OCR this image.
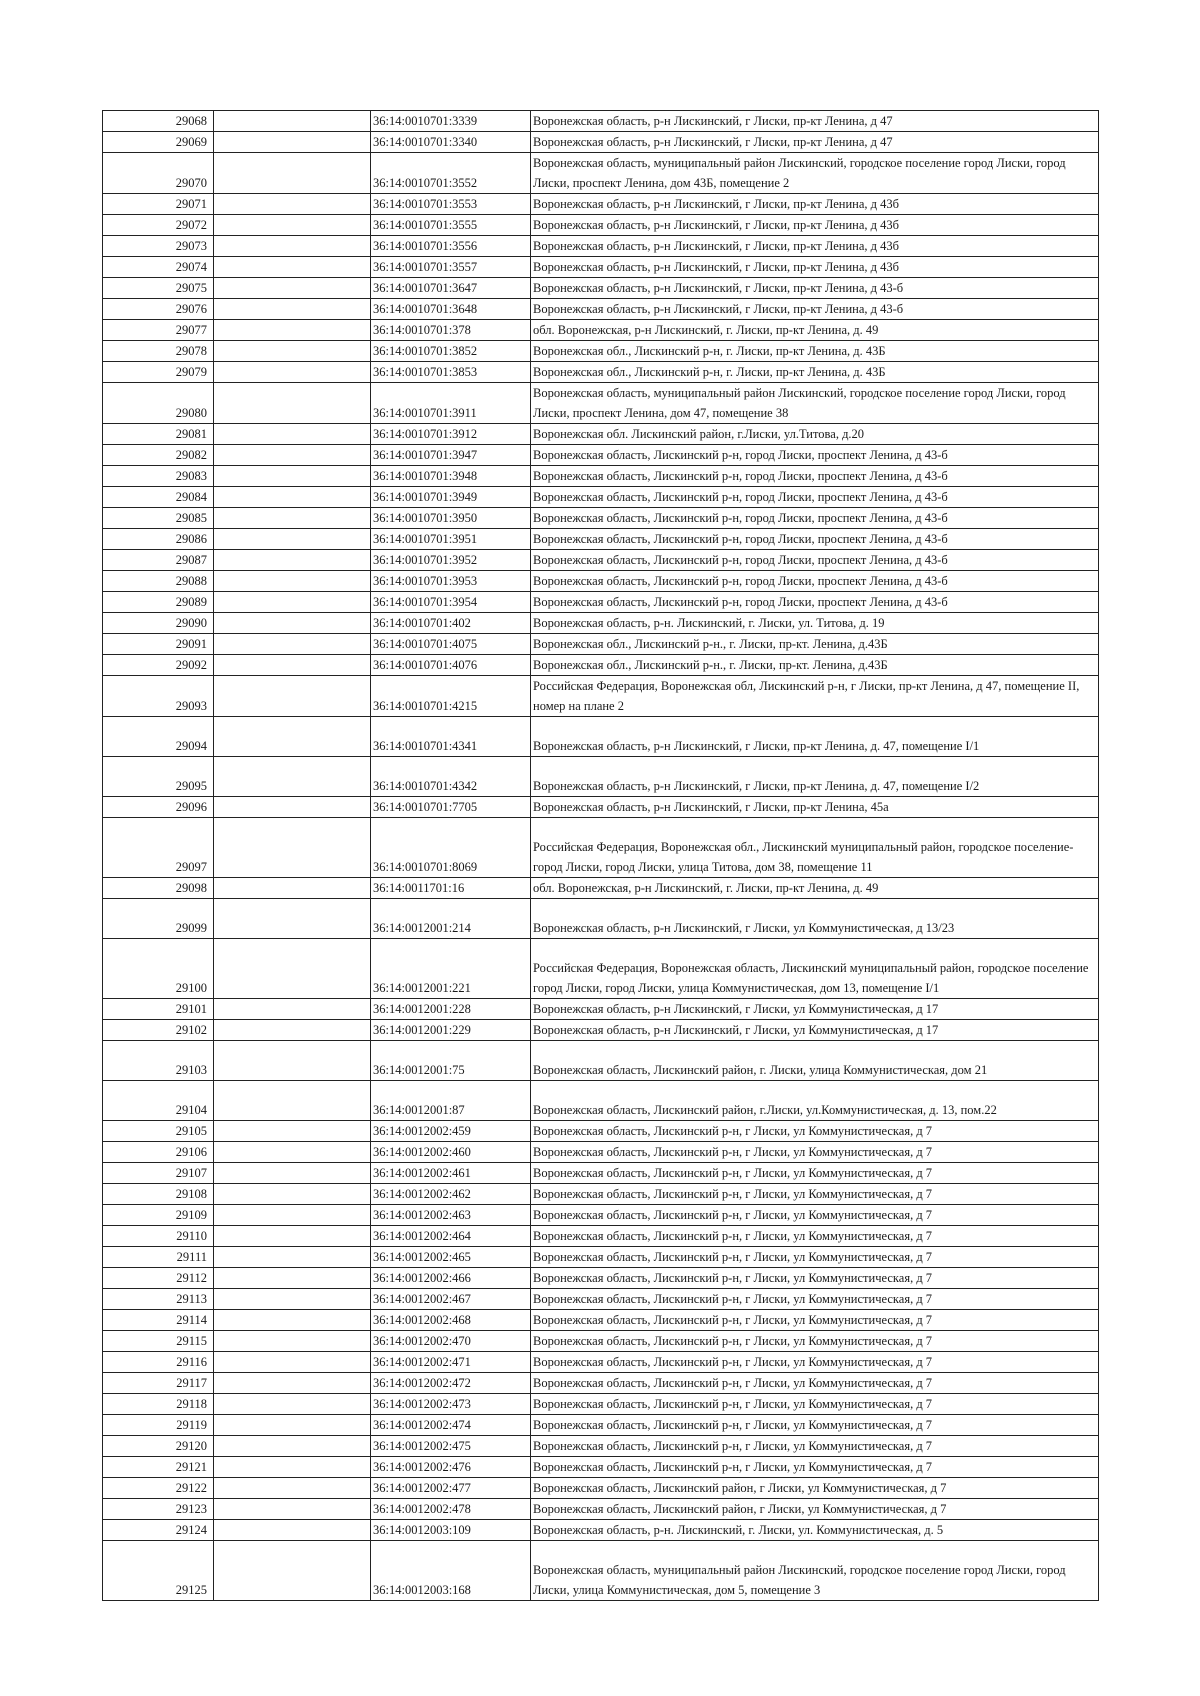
29068		36:14:0010701:3339	Воронежская область, р-н Лискинский, г Лиски, пр-кт Ленина, д 47
29069		36:14:0010701:3340	Воронежская область, р-н Лискинский, г Лиски, пр-кт Ленина, д 47
29070		36:14:0010701:3552	Воронежская область, муниципальный район Лискинский, городское поселение город Лиски, город Лиски, проспект Ленина, дом 43Б, помещение 2
29071		36:14:0010701:3553	Воронежская область, р-н Лискинский, г Лиски, пр-кт Ленина, д 43б
29072		36:14:0010701:3555	Воронежская область, р-н Лискинский, г Лиски, пр-кт Ленина, д 43б
29073		36:14:0010701:3556	Воронежская область, р-н Лискинский, г Лиски, пр-кт Ленина, д 43б
29074		36:14:0010701:3557	Воронежская область, р-н Лискинский, г Лиски, пр-кт Ленина, д 43б
29075		36:14:0010701:3647	Воронежская область, р-н Лискинский, г Лиски, пр-кт Ленина, д 43-б
29076		36:14:0010701:3648	Воронежская область, р-н Лискинский, г Лиски, пр-кт Ленина, д 43-б
29077		36:14:0010701:378	обл. Воронежская, р-н Лискинский, г. Лиски, пр-кт Ленина, д. 49
29078		36:14:0010701:3852	Воронежская обл., Лискинский р-н, г. Лиски, пр-кт Ленина, д. 43Б
29079		36:14:0010701:3853	Воронежская обл., Лискинский р-н, г. Лиски, пр-кт Ленина, д. 43Б
29080		36:14:0010701:3911	Воронежская область, муниципальный район Лискинский, городское поселение город Лиски, город Лиски, проспект Ленина, дом 47, помещение 38
29081		36:14:0010701:3912	Воронежская обл. Лискинский район, г.Лиски, ул.Титова, д.20
29082		36:14:0010701:3947	Воронежская область, Лискинский р-н, город Лиски, проспект Ленина, д 43-б
29083		36:14:0010701:3948	Воронежская область, Лискинский р-н, город Лиски, проспект Ленина, д 43-б
29084		36:14:0010701:3949	Воронежская область, Лискинский р-н, город Лиски, проспект Ленина, д 43-б
29085		36:14:0010701:3950	Воронежская область, Лискинский р-н, город Лиски, проспект Ленина, д 43-б
29086		36:14:0010701:3951	Воронежская область, Лискинский р-н, город Лиски, проспект Ленина, д 43-б
29087		36:14:0010701:3952	Воронежская область, Лискинский р-н, город Лиски, проспект Ленина, д 43-б
29088		36:14:0010701:3953	Воронежская область, Лискинский р-н, город Лиски, проспект Ленина, д 43-б
29089		36:14:0010701:3954	Воронежская область, Лискинский р-н, город Лиски, проспект Ленина, д 43-б
29090		36:14:0010701:402	Воронежская область, р-н. Лискинский, г. Лиски, ул. Титова, д. 19
29091		36:14:0010701:4075	Воронежская обл., Лискинский р-н., г. Лиски, пр-кт. Ленина, д.43Б
29092		36:14:0010701:4076	Воронежская обл., Лискинский р-н., г. Лиски, пр-кт. Ленина, д.43Б
29093		36:14:0010701:4215	Российская Федерация, Воронежская обл, Лискинский р-н, г Лиски, пр-кт Ленина, д 47, помещение II, номер на плане 2
29094		36:14:0010701:4341	Воронежская область, р-н Лискинский, г Лиски, пр-кт Ленина, д. 47, помещение I/1
29095		36:14:0010701:4342	Воронежская область, р-н Лискинский, г Лиски, пр-кт Ленина, д. 47, помещение I/2
29096		36:14:0010701:7705	Воронежская область, р-н Лискинский, г Лиски, пр-кт Ленина, 45а
29097		36:14:0010701:8069	Российская Федерация, Воронежская обл., Лискинский муниципальный район, городское поселение-город Лиски, город Лиски, улица Титова, дом 38, помещение 11
29098		36:14:0011701:16	обл. Воронежская, р-н Лискинский, г. Лиски, пр-кт Ленина, д. 49
29099		36:14:0012001:214	Воронежская область, р-н Лискинский, г Лиски, ул Коммунистическая, д 13/23
29100		36:14:0012001:221	Российская Федерация, Воронежская область, Лискинский муниципальный район, городское поселение город Лиски, город Лиски, улица Коммунистическая, дом 13, помещение I/1
29101		36:14:0012001:228	Воронежская область, р-н Лискинский, г Лиски, ул Коммунистическая, д 17
29102		36:14:0012001:229	Воронежская область, р-н Лискинский, г Лиски, ул Коммунистическая, д 17
29103		36:14:0012001:75	Воронежская область, Лискинский район, г. Лиски, улица Коммунистическая, дом 21
29104		36:14:0012001:87	Воронежская область, Лискинский район, г.Лиски, ул.Коммунистическая, д. 13, пом.22
29105		36:14:0012002:459	Воронежская область, Лискинский р-н, г Лиски, ул Коммунистическая, д 7
29106		36:14:0012002:460	Воронежская область, Лискинский р-н, г Лиски, ул Коммунистическая, д 7
29107		36:14:0012002:461	Воронежская область, Лискинский р-н, г Лиски, ул Коммунистическая, д 7
29108		36:14:0012002:462	Воронежская область, Лискинский р-н, г Лиски, ул Коммунистическая, д 7
29109		36:14:0012002:463	Воронежская область, Лискинский р-н, г Лиски, ул Коммунистическая, д 7
29110		36:14:0012002:464	Воронежская область, Лискинский р-н, г Лиски, ул Коммунистическая, д 7
29111		36:14:0012002:465	Воронежская область, Лискинский р-н, г Лиски, ул Коммунистическая, д 7
29112		36:14:0012002:466	Воронежская область, Лискинский р-н, г Лиски, ул Коммунистическая, д 7
29113		36:14:0012002:467	Воронежская область, Лискинский р-н, г Лиски, ул Коммунистическая, д 7
29114		36:14:0012002:468	Воронежская область, Лискинский р-н, г Лиски, ул Коммунистическая, д 7
29115		36:14:0012002:470	Воронежская область, Лискинский р-н, г Лиски, ул Коммунистическая, д 7
29116		36:14:0012002:471	Воронежская область, Лискинский р-н, г Лиски, ул Коммунистическая, д 7
29117		36:14:0012002:472	Воронежская область, Лискинский р-н, г Лиски, ул Коммунистическая, д 7
29118		36:14:0012002:473	Воронежская область, Лискинский р-н, г Лиски, ул Коммунистическая, д 7
29119		36:14:0012002:474	Воронежская область, Лискинский р-н, г Лиски, ул Коммунистическая, д 7
29120		36:14:0012002:475	Воронежская область, Лискинский р-н, г Лиски, ул Коммунистическая, д 7
29121		36:14:0012002:476	Воронежская область, Лискинский р-н, г Лиски, ул Коммунистическая, д 7
29122		36:14:0012002:477	Воронежская область, Лискинский район, г Лиски, ул Коммунистическая, д 7
29123		36:14:0012002:478	Воронежская область, Лискинский район, г Лиски, ул Коммунистическая, д 7
29124		36:14:0012003:109	Воронежская область, р-н. Лискинский, г. Лиски, ул. Коммунистическая, д. 5
29125		36:14:0012003:168	Воронежская область, муниципальный район Лискинский, городское поселение город Лиски, город Лиски, улица Коммунистическая, дом 5, помещение 3
